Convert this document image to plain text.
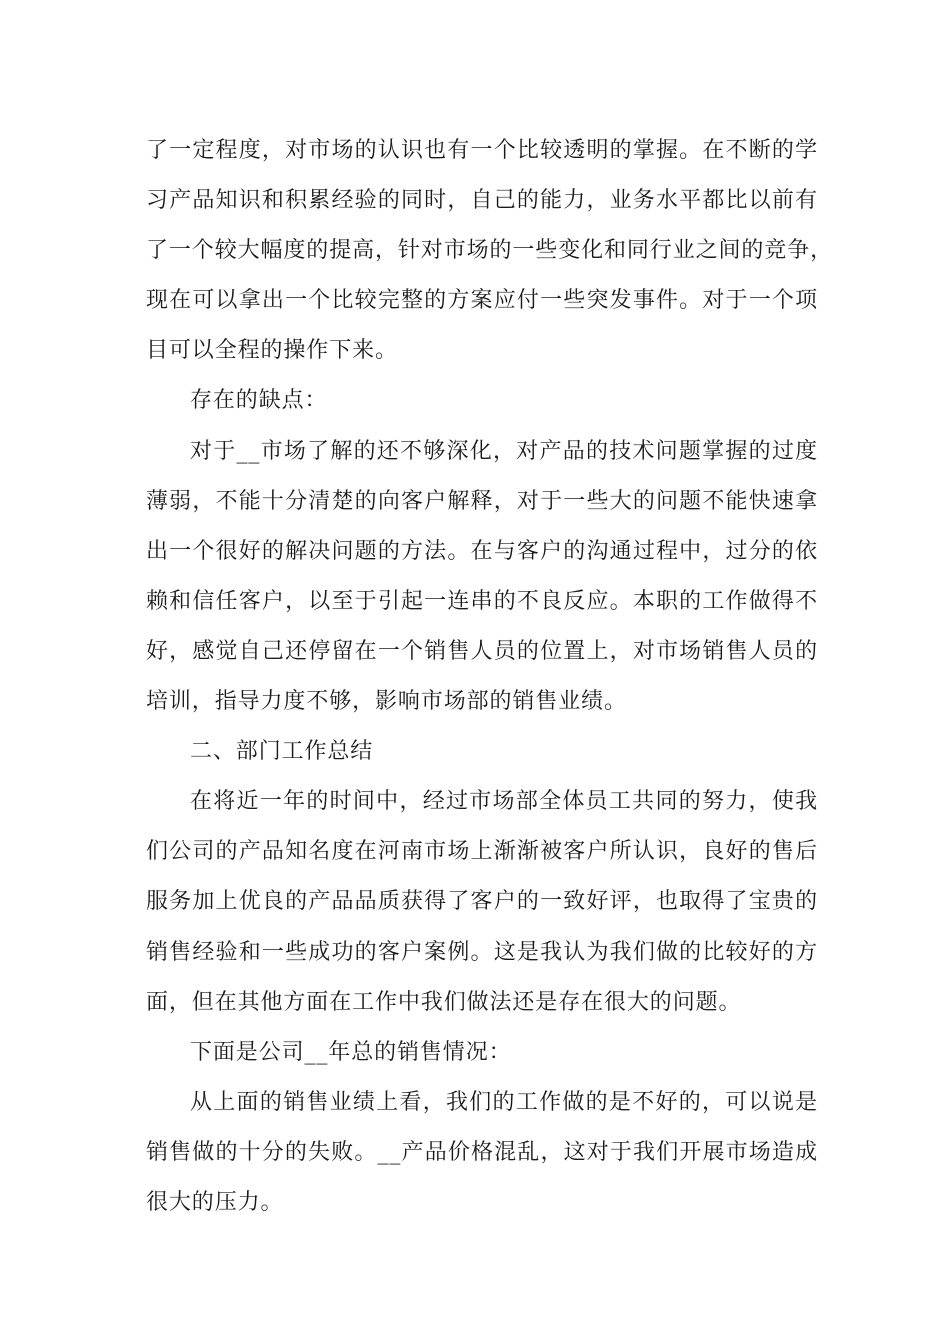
了一定程度，对市场的认识也有一个比较透明的掌握。在不断的学
习产品知识和积累经验的同时，自己的能力，业务水平都比以前有
了一个较大幅度的提高，针对市场的一些变化和同行业之间的竞争，
现在可以拿出一个比较完整的方案应付一些突发事件。对于一个项
目可以全程的操作下来。
存在的缺点：
对于__市场了解的还不够深化，对产品的技术问题掌握的过度
薄弱，不能十分清楚的向客户解释，对于一些大的问题不能快速拿
出一个很好的解决问题的方法。在与客户的沟通过程中，过分的依
赖和信任客户，以至于引起一连串的不良反应。本职的工作做得不
好，感觉自己还停留在一个销售人员的位置上，对市场销售人员的
培训，指导力度不够，影响市场部的销售业绩。
二、部门工作总结
在将近一年的时间中，经过市场部全体员工共同的努力，使我
们公司的产品知名度在河南市场上渐渐被客户所认识，良好的售后
服务加上优良的产品品质获得了客户的一致好评，也取得了宝贵的
销售经验和一些成功的客户案例。这是我认为我们做的比较好的方
面，但在其他方面在工作中我们做法还是存在很大的问题。
下面是公司__年总的销售情况：
从上面的销售业绩上看，我们的工作做的是不好的，可以说是
销售做的十分的失败。__产品价格混乱，这对于我们开展市场造成
很大的压力。
